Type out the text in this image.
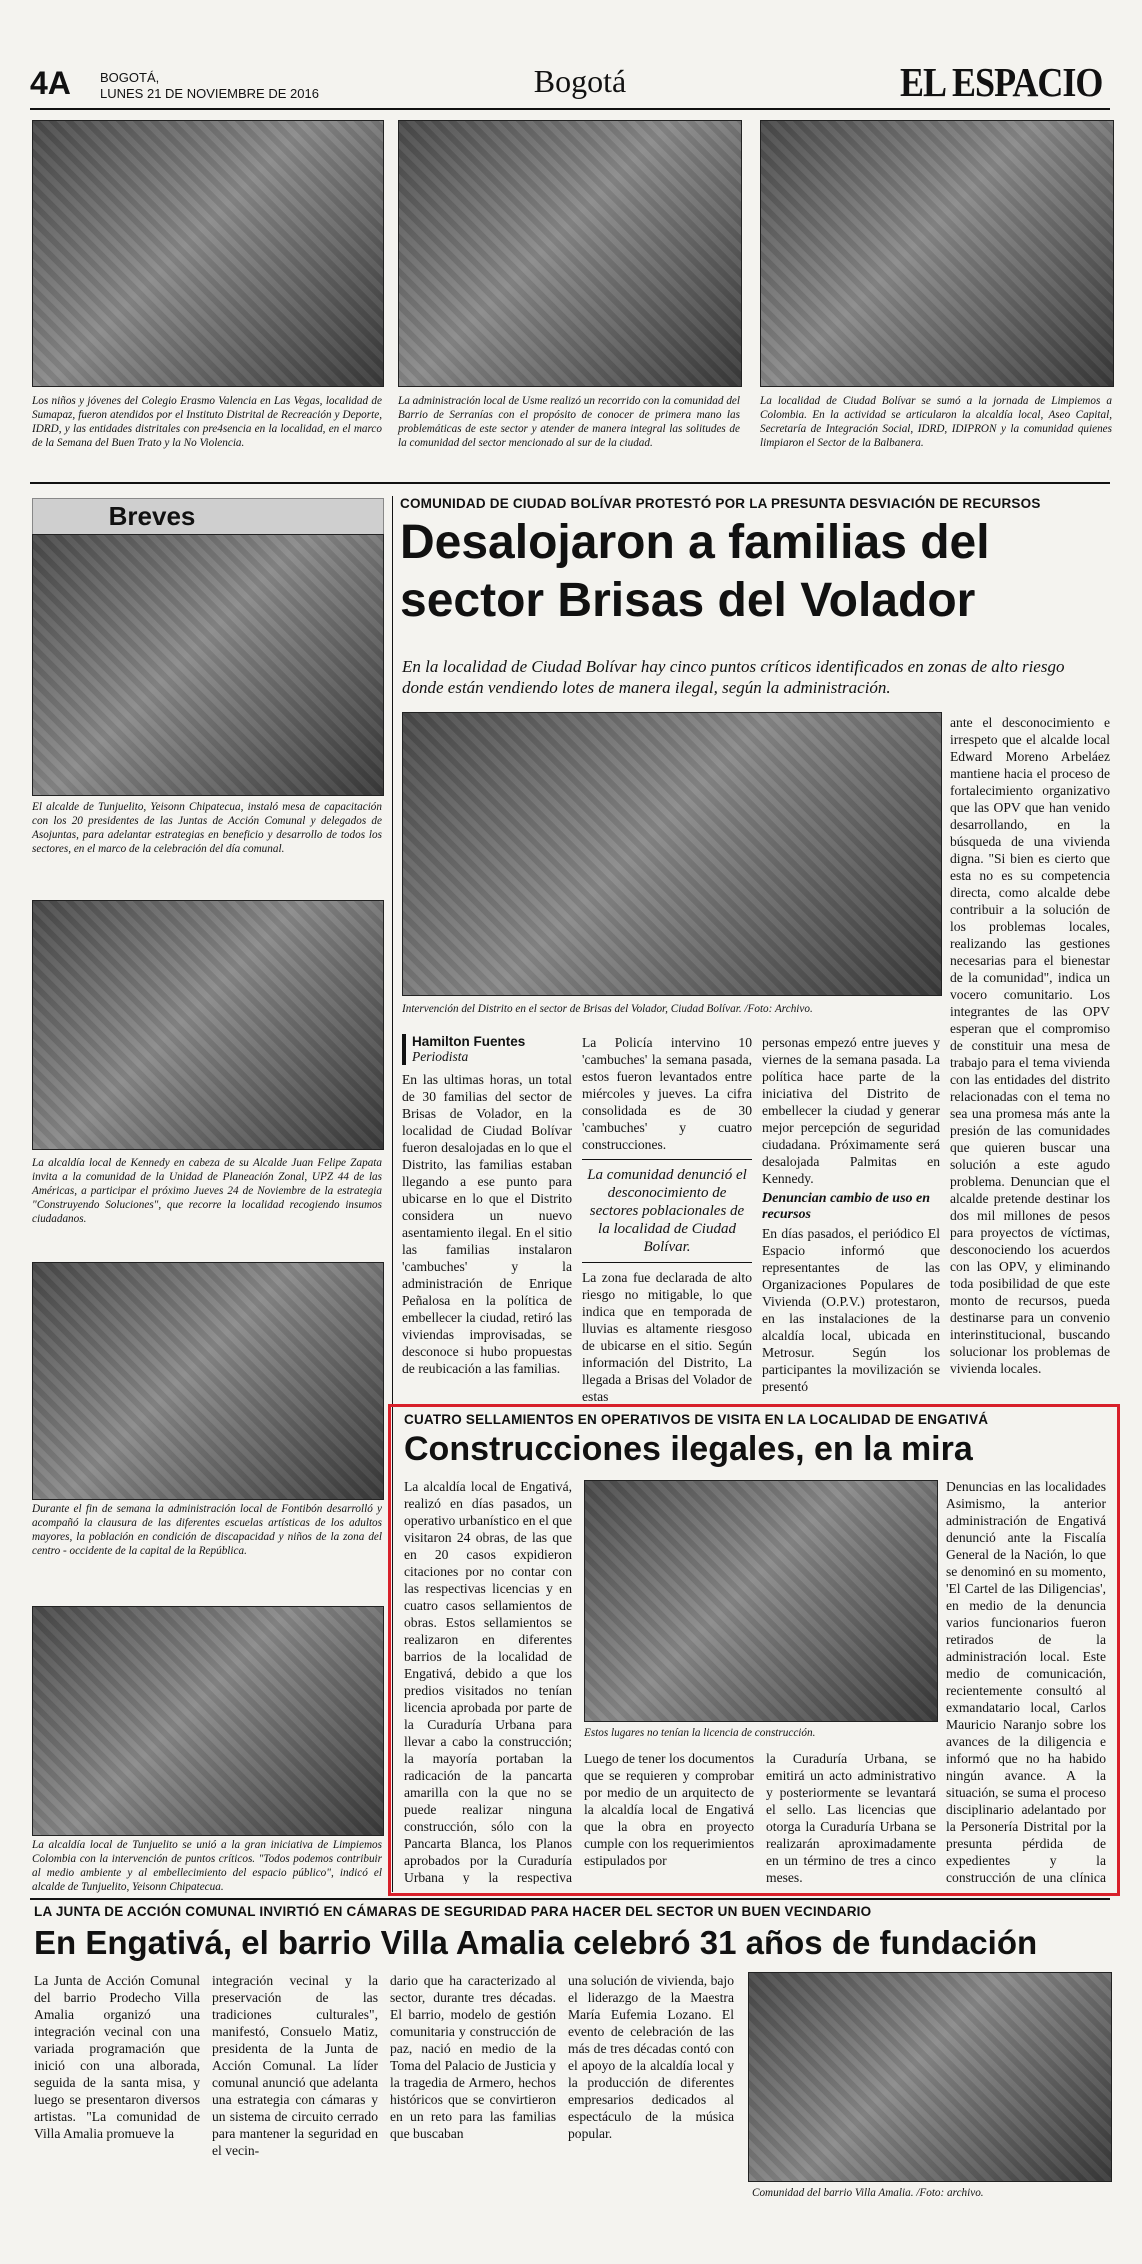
4A BOGOTÁ,
LUNES 21 DE NOVIEMBRE DE 2016	Bogotá	EL ESPACIO
Los niños y jóvenes del Colegio Erasmo Valencia en Las Vegas, localidad de Sumapaz, fueron atendidos por el Instituto Distrital de Recreación y Deporte, IDRD, y las entidades distritales con pre4sencia en la localidad, en el marco de la Semana del Buen Trato y la No Violencia.
La administración local de Usme realizó un recorrido con la comunidad del Barrio de Serranías con el propósito de conocer de primera mano las problemáticas de este sector y atender de manera integral las solitudes de la comunidad del sector mencionado al sur de la ciudad.
La localidad de Ciudad Bolívar se sumó a la jornada de Limpiemos a Colombia. En la actividad se articularon la alcaldía local, Aseo Capital, Secretaría de Integración Social, IDRD, IDIPRON y la comunidad quienes limpiaron el Sector de la Balbanera.
Breves
El alcalde de Tunjuelito, Yeisonn Chipatecua, instaló mesa de capacitación con los 20 presidentes de las Juntas de Acción Comunal y delegados de Asojuntas, para adelantar estrategias en beneficio y desarrollo de todos los sectores, en el marco de la celebración del día comunal.
La alcaldía local de Kennedy en cabeza de su Alcalde Juan Felipe Zapata invita a la comunidad de la Unidad de Planeación Zonal, UPZ 44 de las Américas, a participar el próximo Jueves 24 de Noviembre de la estrategia "Construyendo Soluciones", que recorre la localidad recogiendo insumos ciudadanos.
Durante el fin de semana la administración local de Fontibón desarrolló y acompañó la clausura de las diferentes escuelas artísticas de los adultos mayores, la población en condición de discapacidad y niños de la zona del centro - occidente de la capital de la República.
La alcaldía local de Tunjuelito se unió a la gran iniciativa de Limpiemos Colombia con la intervención de puntos críticos. "Todos podemos contribuir al medio ambiente y al embellecimiento del espacio público", indicó el alcalde de Tunjuelito, Yeisonn Chipatecua.
COMUNIDAD DE CIUDAD BOLÍVAR PROTESTÓ POR LA PRESUNTA DESVIACIÓN DE RECURSOS
Desalojaron a familias del
sector Brisas del Volador
En la localidad de Ciudad Bolívar hay cinco puntos críticos identificados en zonas de alto riesgo donde están vendiendo lotes de manera ilegal, según la administración.
Intervención del Distrito en el sector de Brisas del Volador, Ciudad Bolívar. /Foto: Archivo.
Hamilton Fuentes
Periodista

En las ultimas horas, un total de 30 familias del sector de Brisas de Volador, en la localidad de Ciudad Bolívar fueron desalojadas en lo que el Distrito, las familias estaban llegando a ese punto para ubicarse en lo que el Distrito considera un nuevo asentamiento ilegal. En el sitio las familias instalaron 'cambuches' y la administración de Enrique Peñalosa en la política de embellecer la ciudad, retiró las viviendas improvisadas, se desconoce si hubo propuestas de reubicación a las familias.

La Policía intervino 10 'cambuches' la semana pasada, estos fueron levantados entre miércoles y jueves. La cifra consolidada es de 30 'cambuches' y cuatro construcciones.

La comunidad denunció el desconocimiento de sectores poblacionales de la localidad de Ciudad Bolívar.

La zona fue declarada de alto riesgo no mitigable, lo que indica que en temporada de lluvias es altamente riesgoso de ubicarse en el sitio. Según información del Distrito, La llegada a Brisas del Volador de estas

personas empezó entre jueves y viernes de la semana pasada. La política hace parte de la iniciativa del Distrito de embellecer la ciudad y generar mejor percepción de seguridad ciudadana. Próximamente será desalojada Palmitas en Kennedy.

Denuncian cambio de uso en recursos

En días pasados, el periódico El Espacio informó que representantes de las Organizaciones Populares de Vivienda (O.P.V.) protestaron, en las instalaciones de la alcaldía local, ubicada en Metrosur. Según los participantes la movilización se presentó

ante el desconocimiento e irrespeto que el alcalde local Edward Moreno Arbeláez mantiene hacia el proceso de fortalecimiento organizativo que las OPV que han venido desarrollando, en la búsqueda de una vivienda digna. "Si bien es cierto que esta no es su competencia directa, como alcalde debe contribuir a la solución de los problemas locales, realizando las gestiones necesarias para el bienestar de la comunidad", indica un vocero comunitario. Los integrantes de las OPV esperan que el compromiso de constituir una mesa de trabajo para el tema vivienda con las entidades del distrito relacionadas con el tema no sea una promesa más ante la presión de las comunidades que quieren buscar una solución a este agudo problema. Denuncian que el alcalde pretende destinar los dos mil millones de pesos para proyectos de víctimas, desconociendo los acuerdos con las OPV, y eliminando toda posibilidad de que este monto de recursos, pueda destinarse para un convenio interinstitucional, buscando solucionar los problemas de vivienda locales.

CUATRO SELLAMIENTOS EN OPERATIVOS DE VISITA EN LA LOCALIDAD DE ENGATIVÁ
Construcciones ilegales, en la mira

La alcaldía local de Engativá, realizó en días pasados, un operativo urbanístico en el que visitaron 24 obras, de las que en 20 casos expidieron citaciones por no contar con las respectivas licencias y en cuatro casos sellamientos de obras. Estos sellamientos se realizaron en diferentes barrios de la localidad de Engativá, debido a que los predios visitados no tenían licencia aprobada por parte de la Curaduría Urbana para llevar a cabo la construcción; la mayoría portaban la radicación de la pancarta amarilla con la que no se puede realizar ninguna construcción, sólo con la Pancarta Blanca, los Planos aprobados por la Curaduría Urbana y la respectiva

Estos lugares no tenían la licencia de construcción.

Luego de tener los documentos que se requieren y comprobar por medio de un arquitecto de la alcaldía local de Engativá que la obra en proyecto cumple con los requerimientos estipulados por

la Curaduría Urbana, se emitirá un acto administrativo y posteriormente se levantará el sello. Las licencias que otorga la Curaduría Urbana se realizarán aproximadamente en un término de tres a cinco meses.

Denuncias en las localidades Asimismo, la anterior administración de Engativá denunció ante la Fiscalía General de la Nación, lo que se denominó en su momento, 'El Cartel de las Diligencias', en medio de la denuncia varios funcionarios fueron retirados de la administración local. Este medio de comunicación, recientemente consultó al exmandatario local, Carlos Mauricio Naranjo sobre los avances de la diligencia e informó que no ha habido ningún avance. A la situación, se suma el proceso disciplinario adelantado por la Personería Distrital por la presunta pérdida de expedientes y la construcción de una clínica

LA JUNTA DE ACCIÓN COMUNAL INVIRTIÓ EN CÁMARAS DE SEGURIDAD PARA HACER DEL SECTOR UN BUEN VECINDARIO
En Engativá, el barrio Villa Amalia celebró 31 años de fundación

La Junta de Acción Comunal del barrio Prodecho Villa Amalia organizó una integración vecinal con una variada programación que inició con una alborada, seguida de la santa misa, y luego se presentaron diversos artistas. "La comunidad de Villa Amalia promueve la

integración vecinal y la preservación de las tradiciones culturales", manifestó, Consuelo Matiz, presidenta de la Junta de Acción Comunal. La líder comunal anunció que adelanta una estrategia con cámaras y un sistema de circuito cerrado para mantener la seguridad en el vecin-

dario que ha caracterizado al sector, durante tres décadas. El barrio, modelo de gestión comunitaria y construcción de paz, nació en medio de la Toma del Palacio de Justicia y la tragedia de Armero, hechos históricos que se convirtieron en un reto para las familias que buscaban

una solución de vivienda, bajo el liderazgo de la Maestra María Eufemia Lozano. El evento de celebración de las más de tres décadas contó con el apoyo de la alcaldía local y la producción de diferentes empresarios dedicados al espectáculo de la música popular.

Comunidad del barrio Villa Amalia. /Foto: archivo.
